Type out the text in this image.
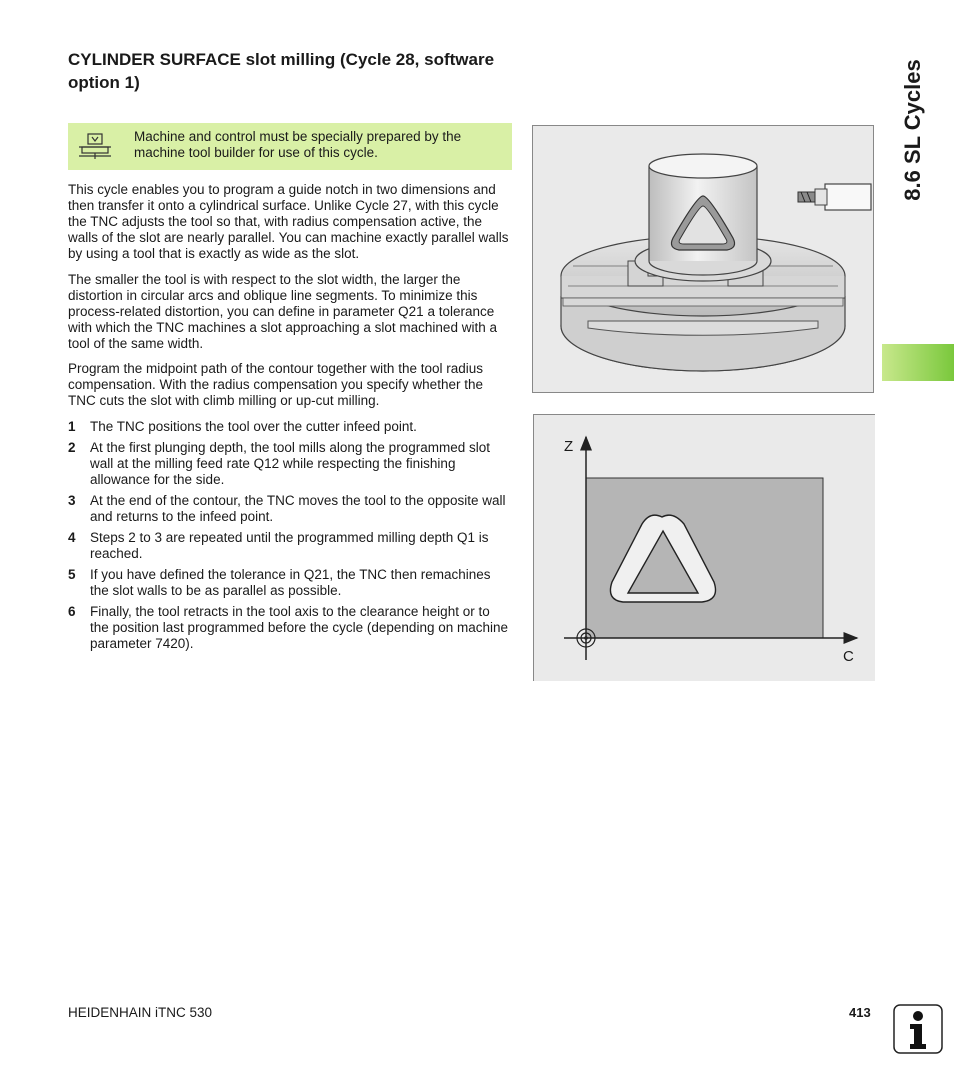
CYLINDER SURFACE slot milling (Cycle 28, software option 1)
Machine and control must be specially prepared by the machine tool builder for use of this cycle.

This cycle enables you to program a guide notch in two dimensions and then transfer it onto a cylindrical surface. Unlike Cycle 27, with this cycle the TNC adjusts the tool so that, with radius compensation active, the walls of the slot are nearly parallel. You can machine exactly parallel walls by using a tool that is exactly as wide as the slot.

The smaller the tool is with respect to the slot width, the larger the distortion in circular arcs and oblique line segments. To minimize this process-related distortion, you can define in parameter Q21 a tolerance with which the TNC machines a slot approaching a slot machined with a tool of the same width.

Program the midpoint path of the contour together with the tool radius compensation. With the radius compensation you specify whether the TNC cuts the slot with climb milling or up-cut milling.

1 The TNC positions the tool over the cutter infeed point.
2 At the first plunging depth, the tool mills along the programmed slot wall at the milling feed rate Q12 while respecting the finishing allowance for the side.
3 At the end of the contour, the TNC moves the tool to the opposite wall and returns to the infeed point.
4 Steps 2 to 3 are repeated until the programmed milling depth Q1 is reached.
5 If you have defined the tolerance in Q21, the TNC then remachines the slot walls to be as parallel as possible.
6 Finally, the tool retracts in the tool axis to the clearance height or to the position last programmed before the cycle (depending on machine parameter 7420).
Z
C
8.6 SL Cycles
HEIDENHAIN iTNC 530	413
